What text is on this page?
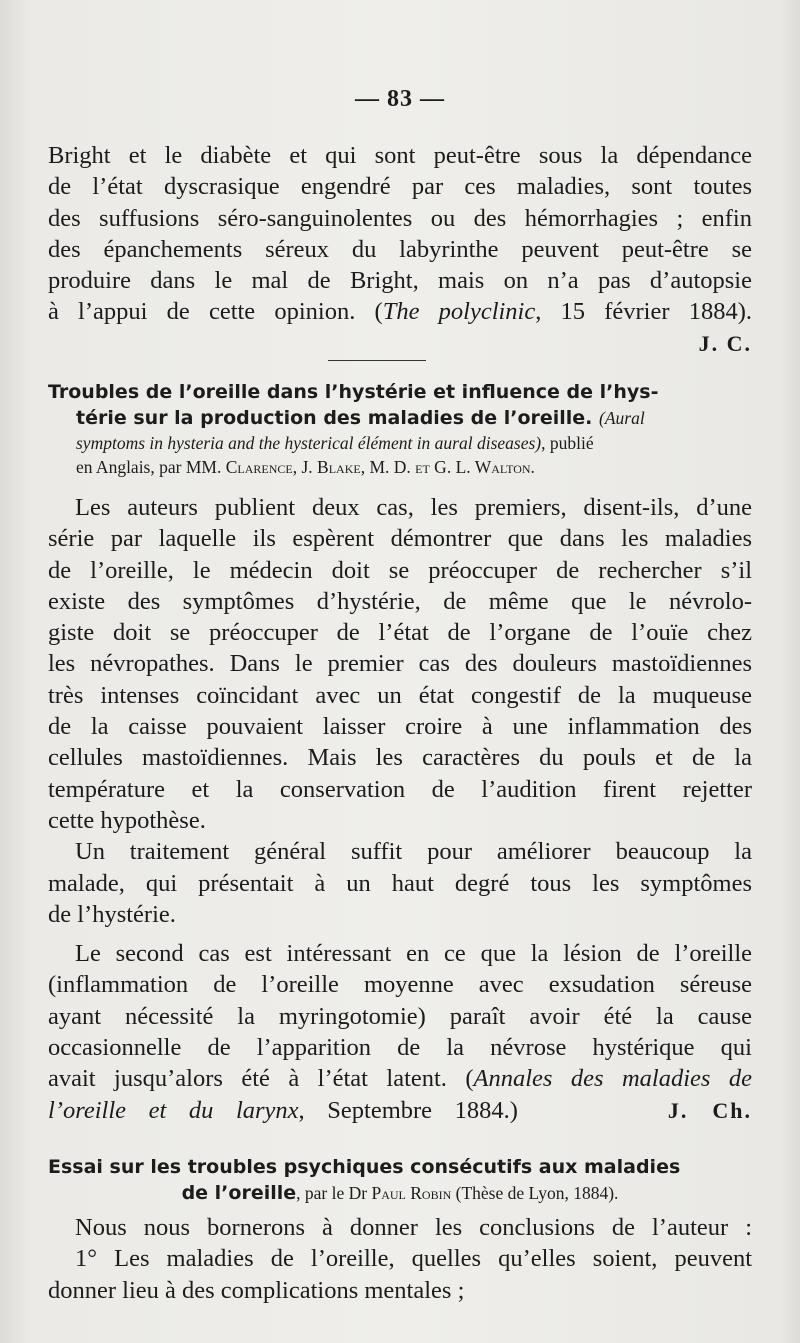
— 83 —
Bright et le diabète et qui sont peut-être sous la dépendance
de l’état dyscrasique engendré par ces maladies, sont toutes
des suffusions séro-sanguinolentes ou des hémorrhagies ; enfin
des épanchements séreux du labyrinthe peuvent peut-être se
produire dans le mal de Bright, mais on n’a pas d’autopsie
à l’appui de cette opinion. (The polyclinic, 15 février 1884).
J. C.
Troubles de l’oreille dans l’hystérie et influence de l’hys-
térie sur la production des maladies de l’oreille. (Aural
symptoms in hysteria and the hysterical élément in aural diseases), publié
en Anglais, par MM. Clarence, J. Blake, M. D. et G. L. Walton.
Les auteurs publient deux cas, les premiers, disent-ils, d’une
série par laquelle ils espèrent démontrer que dans les maladies
de l’oreille, le médecin doit se préoccuper de rechercher s’il
existe des symptômes d’hystérie, de même que le névrolo-
giste doit se préoccuper de l’état de l’organe de l’ouïe chez
les névropathes. Dans le premier cas des douleurs mastoïdiennes
très intenses coïncidant avec un état congestif de la muqueuse
de la caisse pouvaient laisser croire à une inflammation des
cellules mastoïdiennes. Mais les caractères du pouls et de la
température et la conservation de l’audition firent rejetter
cette hypothèse.
Un traitement général suffit pour améliorer beaucoup la
malade, qui présentait à un haut degré tous les symptômes
de l’hystérie.
Le second cas est intéressant en ce que la lésion de l’oreille
(inflammation de l’oreille moyenne avec exsudation séreuse
ayant nécessité la myringotomie) paraît avoir été la cause
occasionnelle de l’apparition de la névrose hystérique qui
avait jusqu’alors été à l’état latent. (Annales des maladies de
l’oreille et du larynx, Septembre 1884.)	J. Ch.
Essai sur les troubles psychiques consécutifs aux maladies
de l’oreille, par le Dr Paul Robin (Thèse de Lyon, 1884).
Nous nous bornerons à donner les conclusions de l’auteur :
1° Les maladies de l’oreille, quelles qu’elles soient, peuvent
donner lieu à des complications mentales ;
